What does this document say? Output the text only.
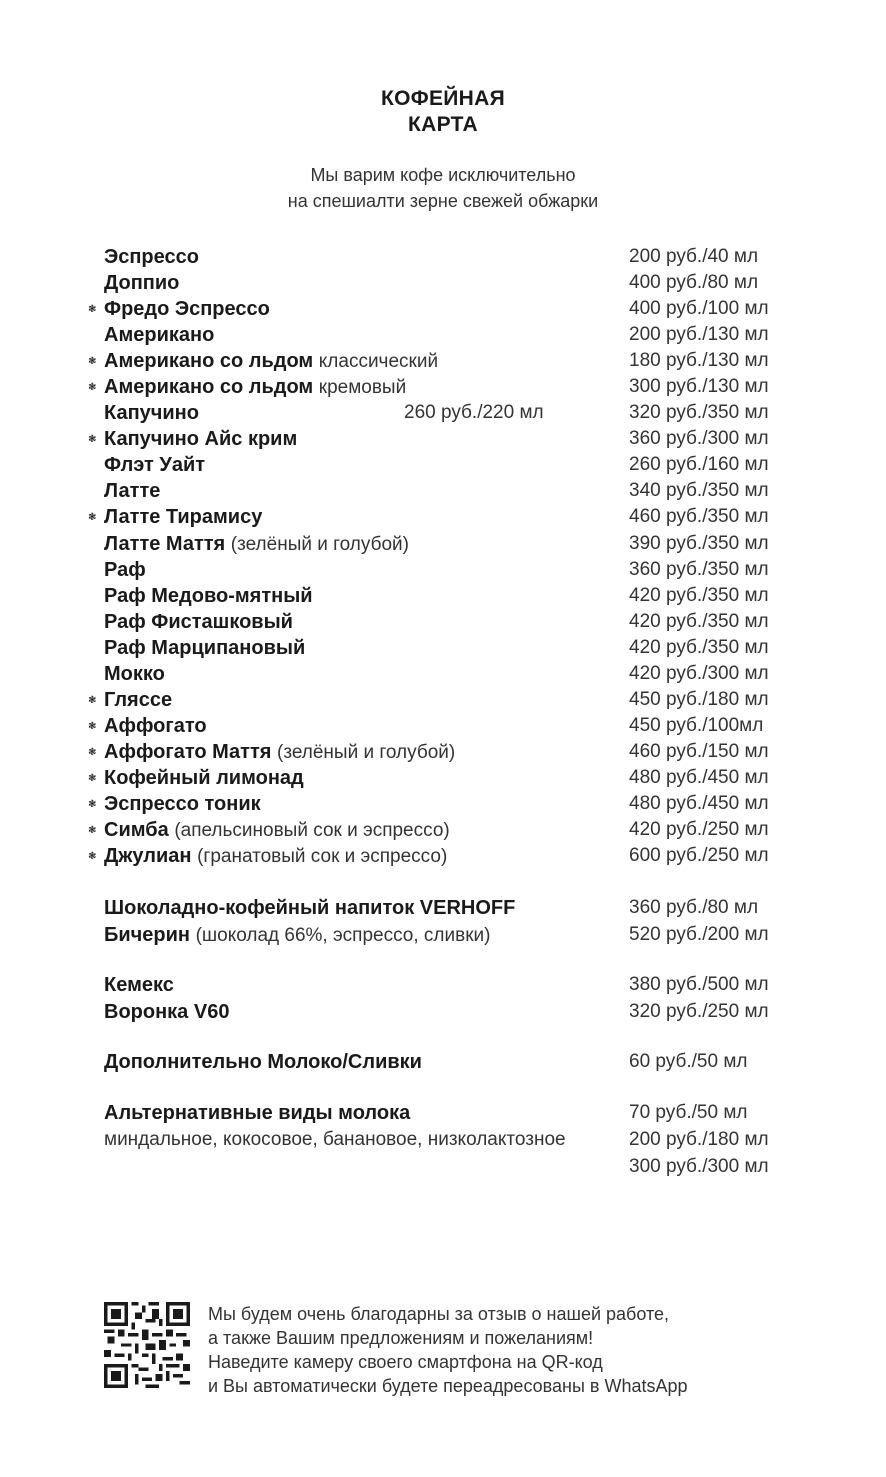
КОФЕЙНАЯ
КАРТА
Мы варим кофе исключительно
на спешиалти зерне свежей обжарки
Эспрессо	200 руб./40 мл
Доппио	400 руб./80 мл
❃ Фредо Эспрессо	400 руб./100 мл
Американо	200 руб./130 мл
❃ Американо со льдом классический	180 руб./130 мл
❃ Американо со льдом кремовый	300 руб./130 мл
Капучино	260 руб./220 мл	320 руб./350 мл
❃ Капучино Айс крим	360 руб./300 мл
Флэт Уайт	260 руб./160 мл
Латте	340 руб./350 мл
❃ Латте Тирамису	460 руб./350 мл
Латте Маття (зелёный и голубой)	390 руб./350 мл
Раф	360 руб./350 мл
Раф Медово-мятный	420 руб./350 мл
Раф Фисташковый	420 руб./350 мл
Раф Марципановый	420 руб./350 мл
Мокко	420 руб./300 мл
❃ Гляссе	450 руб./180 мл
❃ Аффогато	450 руб./100мл
❃ Аффогато Маття (зелёный и голубой)	460 руб./150 мл
❃ Кофейный лимонад	480 руб./450 мл
❃ Эспрессо тоник	480 руб./450 мл
❃ Симба (апельсиновый сок и эспрессо)	420 руб./250 мл
❃ Джулиан (гранатовый сок и эспрессо)	600 руб./250 мл
Шоколадно-кофейный напиток VERHOFF	360 руб./80 мл
Бичерин (шоколад 66%, эспрессо, сливки)	520 руб./200 мл
Кемекс	380 руб./500 мл
Воронка V60	320 руб./250 мл
Дополнительно Молоко/Сливки	60 руб./50 мл
Альтернативные виды молока	70 руб./50 мл
миндальное, кокосовое, банановое, низколактозное	200 руб./180 мл
300 руб./300 мл
Мы будем очень благодарны за отзыв о нашей работе,
а также Вашим предложениям и пожеланиям!
Наведите камеру своего смартфона на QR-код
и Вы автоматически будете переадресованы в WhatsApp
